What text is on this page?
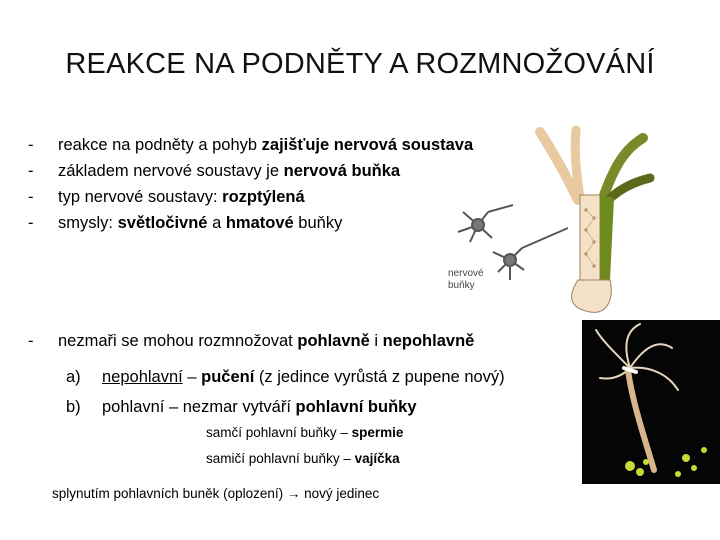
REAKCE NA PODNĚTY A ROZMNOŽOVÁNÍ
-	reakce na podněty a pohyb zajišťuje nervová soustava
-	základem nervové soustavy je nervová buňka
-	typ nervové soustavy: rozptýlená
-	smysly: světločivné a hmatové buňky
nervové
buňky
-	nezmaři se mohou rozmnožovat pohlavně i nepohlavně
a)	nepohlavní – pučení (z jedince vyrůstá z pupene nový)
b)	pohlavní – nezmar vytváří pohlavní buňky
samčí pohlavní buňky – spermie
samičí pohlavní buňky – vajíčka
splynutím pohlavních buněk (oplození) → nový jedinec
